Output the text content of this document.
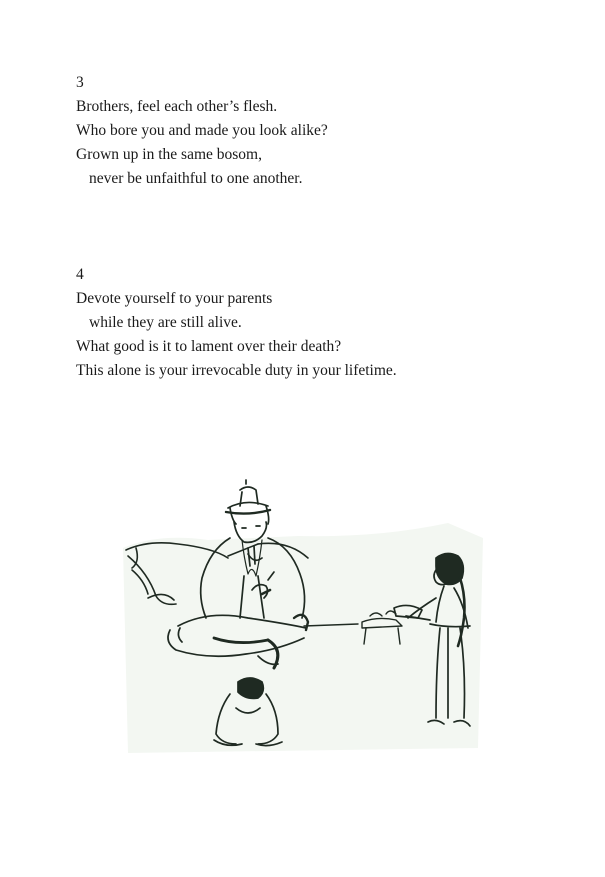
3
Brothers, feel each other’s flesh.
Who bore you and made you look alike?
Grown up in the same bosom,
never be unfaithful to one another.
4
Devote yourself to your parents
while they are still alive.
What good is it to lament over their death?
This alone is your irrevocable duty in your lifetime.
